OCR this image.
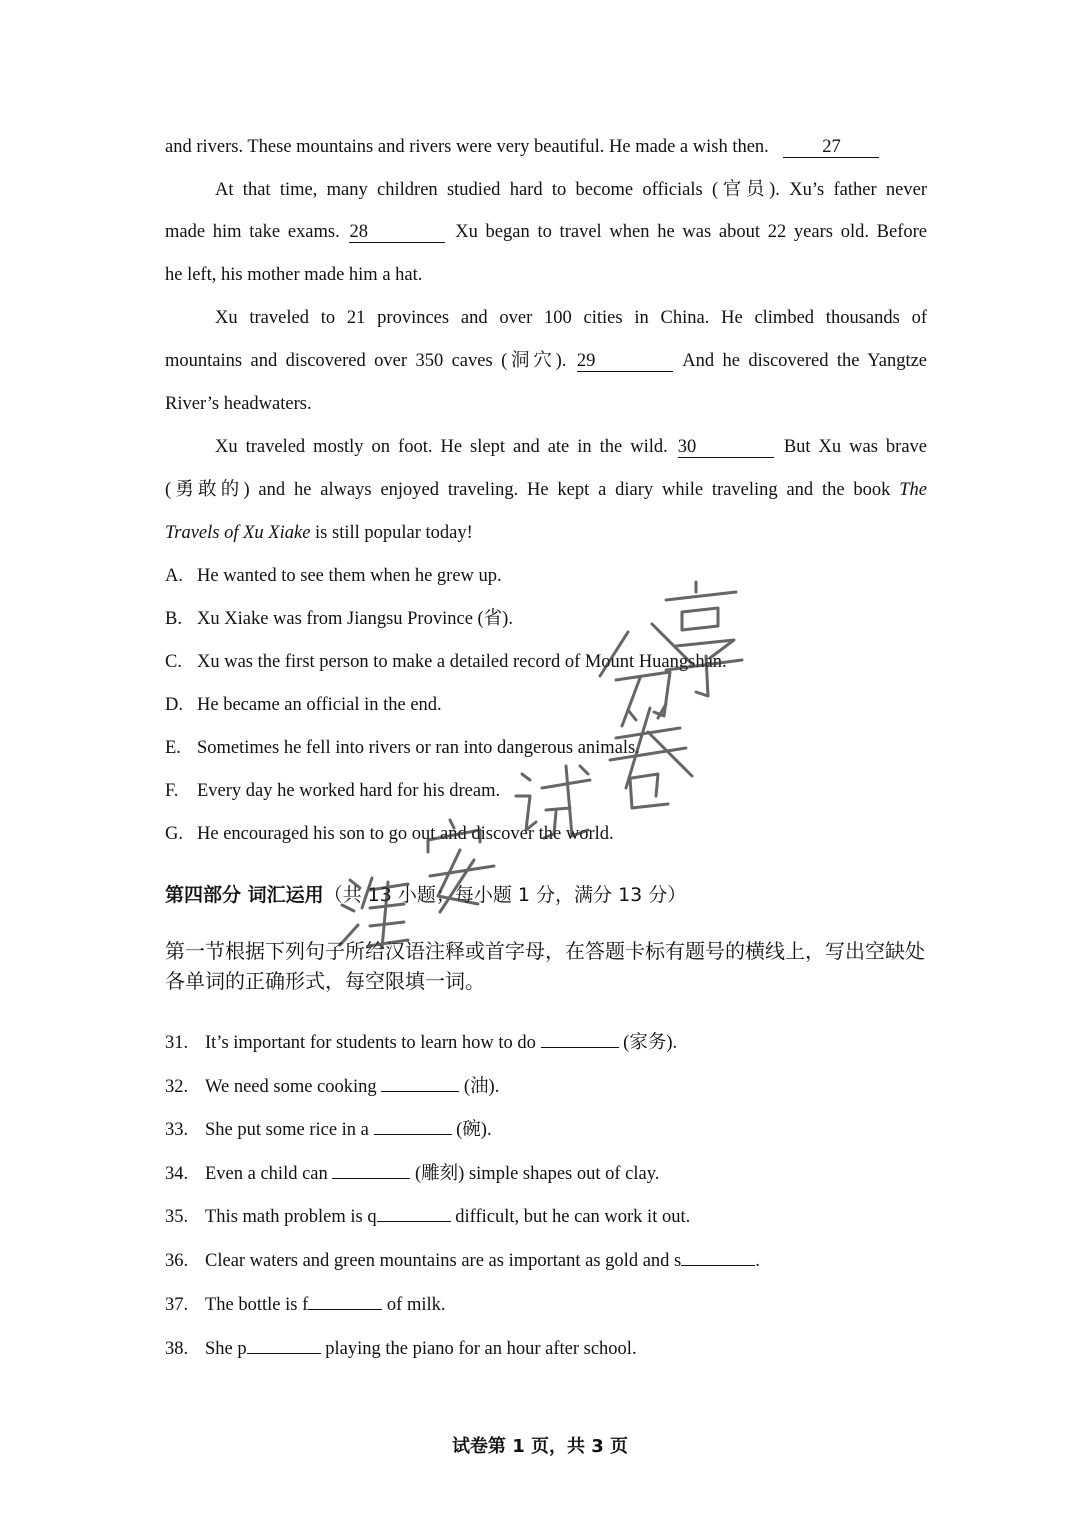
and rivers. These mountains and rivers were very beautiful. He made a wish then.	27
At that time, many children studied hard to become officials (官员). Xu’s father never
made him take exams. 28	Xu began to travel when he was about 22 years old. Before
he left, his mother made him a hat.
Xu traveled to 21 provinces and over 100 cities in China. He climbed thousands of
mountains and discovered over 350 caves (洞穴). 29	And he discovered the Yangtze
River’s headwaters.
Xu traveled mostly on foot. He slept and ate in the wild. 30	But Xu was brave
(勇敢的) and he always enjoyed traveling. He kept a diary while traveling and the book The
Travels of Xu Xiake is still popular today!
A. He wanted to see them when he grew up.
B. Xu Xiake was from Jiangsu Province (省).
C. Xu was the first person to make a detailed record of Mount Huangshan.
D. He became an official in the end.
E. Sometimes he fell into rivers or ran into dangerous animals.
F. Every day he worked hard for his dream.
G. He encouraged his son to go out and discover the world.
第四部分 词汇运用（共 13 小题；每小题 1 分，满分 13 分）
第一节根据下列句子所给汉语注释或首字母，在答题卡标有题号的横线上，写出空缺处各单词的正确形式，每空限填一词。
31. It’s important for students to learn how to do	(家务).
32. We need some cooking	(油).
33. She put some rice in a	(碗).
34. Even a child can	(雕刻) simple shapes out of clay.
35. This math problem is q	difficult, but he can work it out.
36. Clear waters and green mountains are as important as gold and s	.
37. The bottle is f	of milk.
38. She p	playing the piano for an hour after school.
试卷第 1 页，共 3 页
